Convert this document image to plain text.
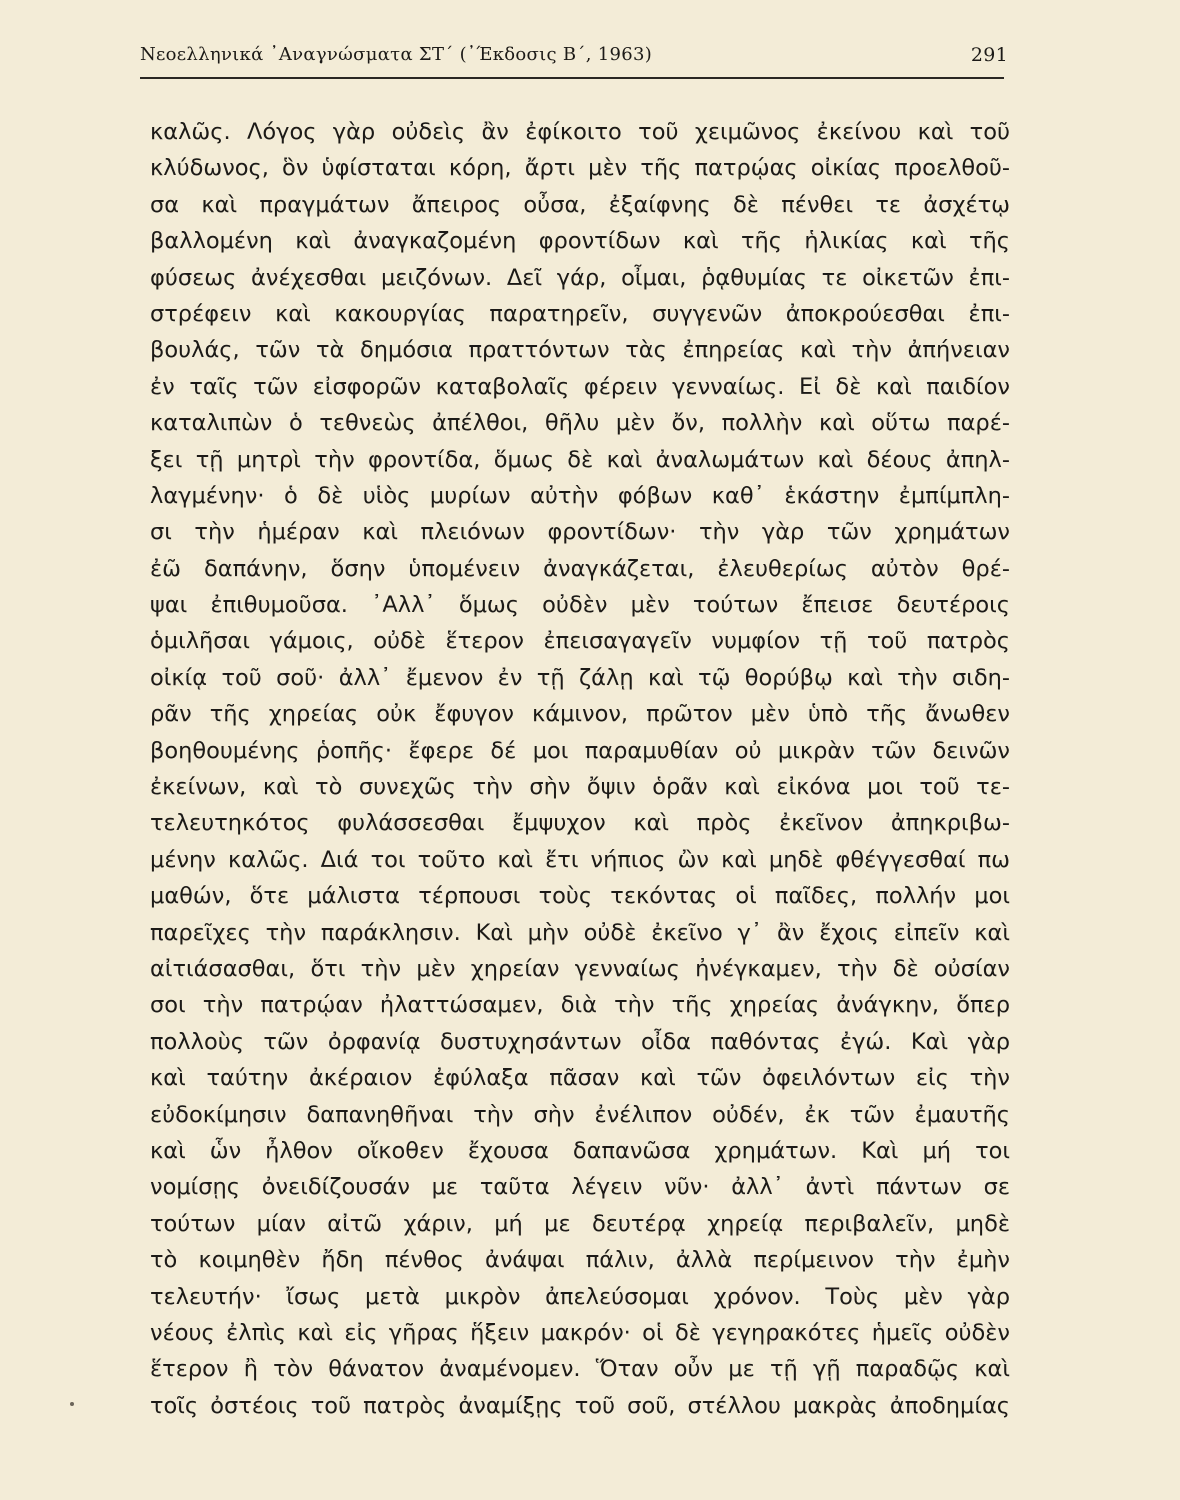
Νεοελληνικά ᾿Αναγνώσματα ΣΤ΄ (᾿Έκδοσις Β΄, 1963)	291
καλῶς. Λόγος γὰρ οὐδεὶς ἂν ἐφίκοιτο τοῦ χειμῶνος ἐκείνου καὶ τοῦ
κλύδωνος, ὃν ὑφίσταται κόρη, ἄρτι μὲν τῆς πατρῴας οἰκίας προελθοῦ-
σα καὶ πραγμάτων ἄπειρος οὖσα, ἐξαίφνης δὲ πένθει τε ἀσχέτῳ
βαλλομένη καὶ ἀναγκαζομένη φροντίδων καὶ τῆς ἡλικίας καὶ τῆς
φύσεως ἀνέχεσθαι μειζόνων. Δεῖ γάρ, οἶμαι, ῥᾳθυμίας τε οἰκετῶν ἐπι-
στρέφειν καὶ κακουργίας παρατηρεῖν, συγγενῶν ἀποκρούεσθαι ἐπι-
βουλάς, τῶν τὰ δημόσια πραττόντων τὰς ἐπηρείας καὶ τὴν ἀπήνειαν
ἐν ταῖς τῶν εἰσφορῶν καταβολαῖς φέρειν γενναίως. Εἰ δὲ καὶ παιδίον
καταλιπὼν ὁ τεθνεὼς ἀπέλθοι, θῆλυ μὲν ὄν, πολλὴν καὶ οὕτω παρέ-
ξει τῇ μητρὶ τὴν φροντίδα, ὅμως δὲ καὶ ἀναλωμάτων καὶ δέους ἀπηλ-
λαγμένην· ὁ δὲ υἱὸς μυρίων αὐτὴν φόβων καθ᾿ ἑκάστην ἐμπίμπλη-
σι τὴν ἡμέραν καὶ πλειόνων φροντίδων· τὴν γὰρ τῶν χρημάτων
ἐῶ δαπάνην, ὅσην ὑπομένειν ἀναγκάζεται, ἐλευθερίως αὐτὸν θρέ-
ψαι ἐπιθυμοῦσα. ᾿Αλλ᾿ ὅμως οὐδὲν μὲν τούτων ἔπεισε δευτέροις
ὁμιλῆσαι γάμοις, οὐδὲ ἕτερον ἐπεισαγαγεῖν νυμφίον τῇ τοῦ πατρὸς
οἰκίᾳ τοῦ σοῦ· ἀλλ᾿ ἔμενον ἐν τῇ ζάλῃ καὶ τῷ θορύβῳ καὶ τὴν σιδη-
ρᾶν τῆς χηρείας οὐκ ἔφυγον κάμινον, πρῶτον μὲν ὑπὸ τῆς ἄνωθεν
βοηθουμένης ῥοπῆς· ἔφερε δέ μοι παραμυθίαν οὐ μικρὰν τῶν δεινῶν
ἐκείνων, καὶ τὸ συνεχῶς τὴν σὴν ὄψιν ὁρᾶν καὶ εἰκόνα μοι τοῦ τε-
τελευτηκότος φυλάσσεσθαι ἔμψυχον καὶ πρὸς ἐκεῖνον ἀπηκριβω-
μένην καλῶς. Διά τοι τοῦτο καὶ ἔτι νήπιος ὢν καὶ μηδὲ φθέγγεσθαί πω
μαθών, ὅτε μάλιστα τέρπουσι τοὺς τεκόντας οἱ παῖδες, πολλήν μοι
παρεῖχες τὴν παράκλησιν. Καὶ μὴν οὐδὲ ἐκεῖνο γ᾿ ἂν ἔχοις εἰπεῖν καὶ
αἰτιάσασθαι, ὅτι τὴν μὲν χηρείαν γενναίως ἠνέγκαμεν, τὴν δὲ οὐσίαν
σοι τὴν πατρῴαν ἠλαττώσαμεν, διὰ τὴν τῆς χηρείας ἀνάγκην, ὅπερ
πολλοὺς τῶν ὀρφανίᾳ δυστυχησάντων οἶδα παθόντας ἐγώ. Καὶ γὰρ
καὶ ταύτην ἀκέραιον ἐφύλαξα πᾶσαν καὶ τῶν ὀφειλόντων εἰς τὴν
εὐδοκίμησιν δαπανηθῆναι τὴν σὴν ἐνέλιπον οὐδέν, ἐκ τῶν ἐμαυτῆς
καὶ ὧν ἦλθον οἴκοθεν ἔχουσα δαπανῶσα χρημάτων. Καὶ μή τοι
νομίσῃς ὀνειδίζουσάν με ταῦτα λέγειν νῦν· ἀλλ᾿ ἀντὶ πάντων σε
τούτων μίαν αἰτῶ χάριν, μή με δευτέρᾳ χηρείᾳ περιβαλεῖν, μηδὲ
τὸ κοιμηθὲν ἤδη πένθος ἀνάψαι πάλιν, ἀλλὰ περίμεινον τὴν ἐμὴν
τελευτήν· ἴσως μετὰ μικρὸν ἀπελεύσομαι χρόνον. Τοὺς μὲν γὰρ
νέους ἐλπὶς καὶ εἰς γῆρας ἥξειν μακρόν· οἱ δὲ γεγηρακότες ἡμεῖς οὐδὲν
ἕτερον ἢ τὸν θάνατον ἀναμένομεν. Ὅταν οὖν με τῇ γῇ παραδῷς καὶ
τοῖς ὀστέοις τοῦ πατρὸς ἀναμίξῃς τοῦ σοῦ, στέλλου μακρὰς ἀποδημίας
